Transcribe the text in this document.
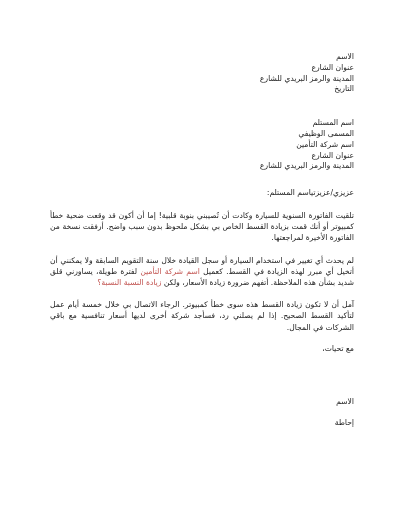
الاسم
عنوان الشارع
المدينة والرمز البريدي للشارع
التاريخ
اسم المستلم
المسمى الوظيفي
اسم شركة التأمين
عنوان الشارع
المدينة والرمز البريدي للشارع
عزيزي/عزيزتياسم المستلم:

تلقيت الفاتورة السنوية للسيارة وكادت أن تُصيبني بنوبة قلبية! إما أن أكون قد وقعت ضحية خطأ كمبيوتر أو أنك قمت بزيادة القسط الخاص بي بشكل ملحوظ بدون سبب واضح. أرفقت نسخة من الفاتورة الأخيرة لمراجعتها.

لم يحدث أي تغيير في استخدام السيارة أو سجل القيادة خلال سنة التقويم السابقة ولا يمكنني أن أتخيل أي مبرر لهذه الزيادة في القسط. كعميل اسم شركة التأمين لفترة طويلة، يساورني قلق شديد بشأن هذه الملاحظة. أتفهم ضرورة زيادة الأسعار، ولكن زيادة النسبة النسبة؟

آمل أن لا تكون زيادة القسط هذه سوى خطأ كمبيوتر. الرجاء الاتصال بي خلال خمسة أيام عمل لتأكيد القسط الصحيح. إذا لم يصلني رد، فسأجد شركة أخرى لديها أسعار تنافسية مع باقي الشركات في المجال.

مع تحيات،
الاسم
إحاطة
